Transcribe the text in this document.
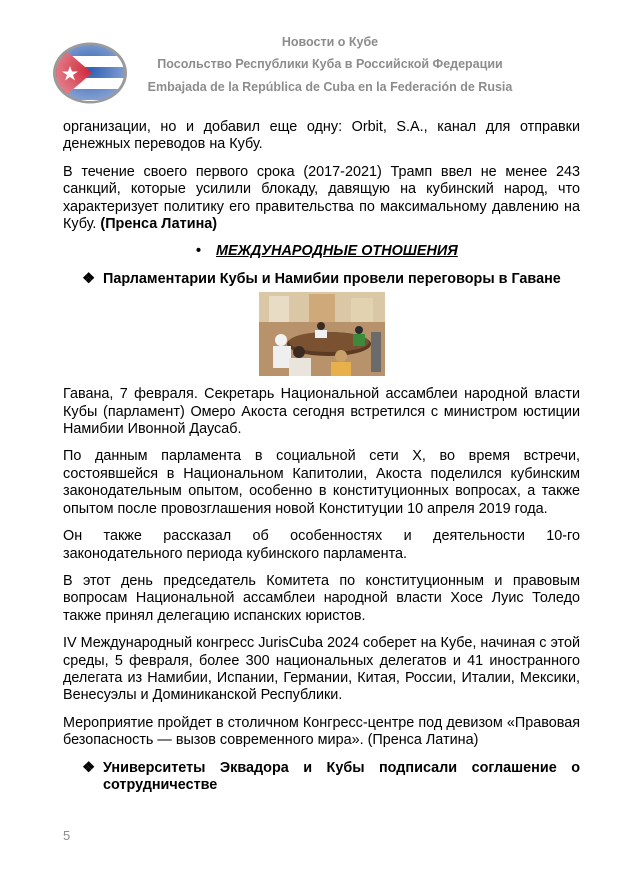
Новости о Кубе
Посольство Республики Куба в Российской Федерации
Embajada de la República de Cuba en la Federación de Rusia

организации, но и добавил еще одну: Orbit, S.A., канал для отправки денежных переводов на Кубу.

В течение своего первого срока (2017-2021) Трамп ввел не менее 243 санкций, которые усилили блокаду, давящую на кубинский народ, что характеризует политику его правительства по максимальному давлению на Кубу. (Пренса Латина)

• МЕЖДУНАРОДНЫЕ ОТНОШЕНИЯ
❖ Парламентарии Кубы и Намибии провели переговоры в Гаване

Гавана, 7 февраля. Секретарь Национальной ассамблеи народной власти Кубы (парламент) Омеро Акоста сегодня встретился с министром юстиции Намибии Ивонной Даусаб.

По данным парламента в социальной сети X, во время встречи, состоявшейся в Национальном Капитолии, Акоста поделился кубинским законодательным опытом, особенно в конституционных вопросах, а также опытом после провозглашения новой Конституции 10 апреля 2019 года.

Он также рассказал об особенностях и деятельности 10-го законодательного периода кубинского парламента.

В этот день председатель Комитета по конституционным и правовым вопросам Национальной ассамблеи народной власти Хосе Луис Толедо также принял делегацию испанских юристов.

IV Международный конгресс JurisCuba 2024 соберет на Кубе, начиная с этой среды, 5 февраля, более 300 национальных делегатов и 41 иностранного делегата из Намибии, Испании, Германии, Китая, России, Италии, Мексики, Венесуэлы и Доминиканской Республики.

Мероприятие пройдет в столичном Конгресс-центре под девизом «Правовая безопасность — вызов современного мира». (Пренса Латина)

❖ Университеты Эквадора и Кубы подписали соглашение о сотрудничестве
5
